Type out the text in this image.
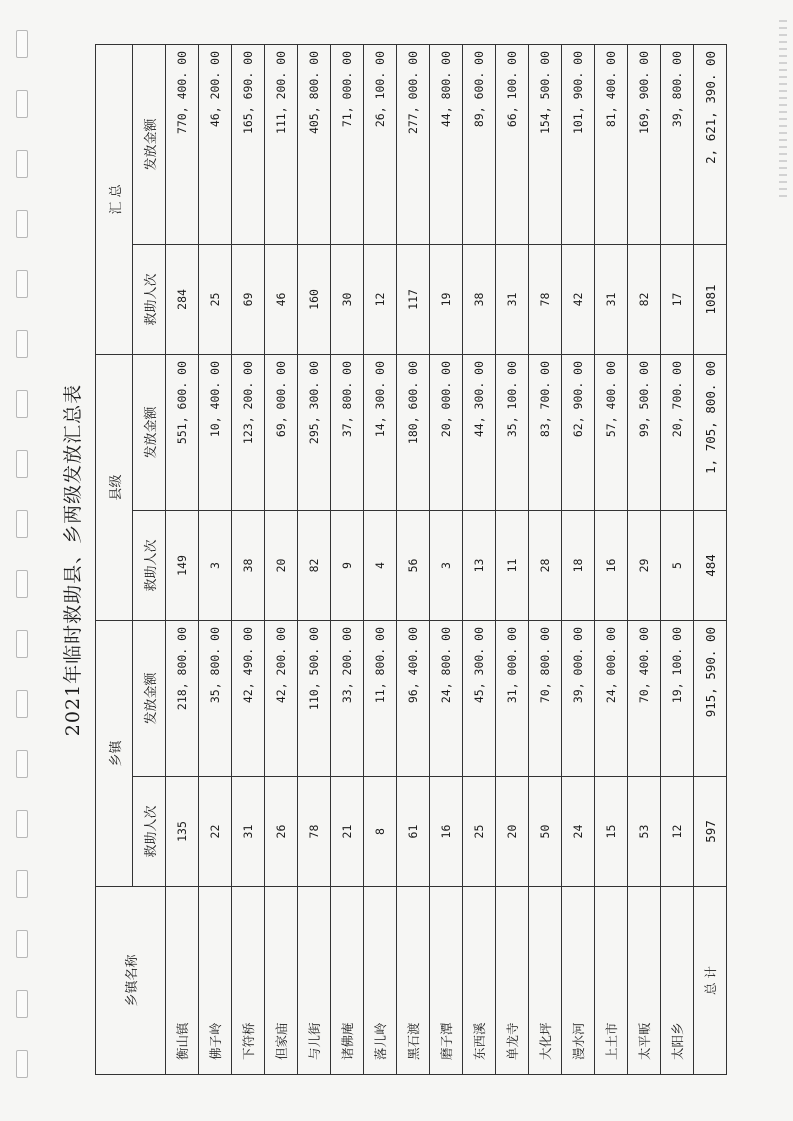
2021年临时救助县、乡两级发放汇总表
乡镇名称	乡镇		县级		汇 总	
	救助人次	发放金额	救助人次	发放金额	救助人次	发放金额
衡山镇	135	218, 800. 00	149	551, 600. 00	284	770, 400. 00
佛子岭	22	35, 800. 00	3	10, 400. 00	25	46, 200. 00
下符桥	31	42, 490. 00	38	123, 200. 00	69	165, 690. 00
但家庙	26	42, 200. 00	20	69, 000. 00	46	111, 200. 00
与儿街	78	110, 500. 00	82	295, 300. 00	160	405, 800. 00
诸佛庵	21	33, 200. 00	9	37, 800. 00	30	71, 000. 00
落儿岭	8	11, 800. 00	4	14, 300. 00	12	26, 100. 00
黑石渡	61	96, 400. 00	56	180, 600. 00	117	277, 000. 00
磨子潭	16	24, 800. 00	3	20, 000. 00	19	44, 800. 00
东西溪	25	45, 300. 00	13	44, 300. 00	38	89, 600. 00
单龙寺	20	31, 000. 00	11	35, 100. 00	31	66, 100. 00
大化坪	50	70, 800. 00	28	83, 700. 00	78	154, 500. 00
漫水河	24	39, 000. 00	18	62, 900. 00	42	101, 900. 00
上土市	15	24, 000. 00	16	57, 400. 00	31	81, 400. 00
太平畈	53	70, 400. 00	29	99, 500. 00	82	169, 900. 00
太阳乡	12	19, 100. 00	5	20, 700. 00	17	39, 800. 00
总 计	597	915, 590. 00	484	1, 705, 800. 00	1081	2, 621, 390. 00
